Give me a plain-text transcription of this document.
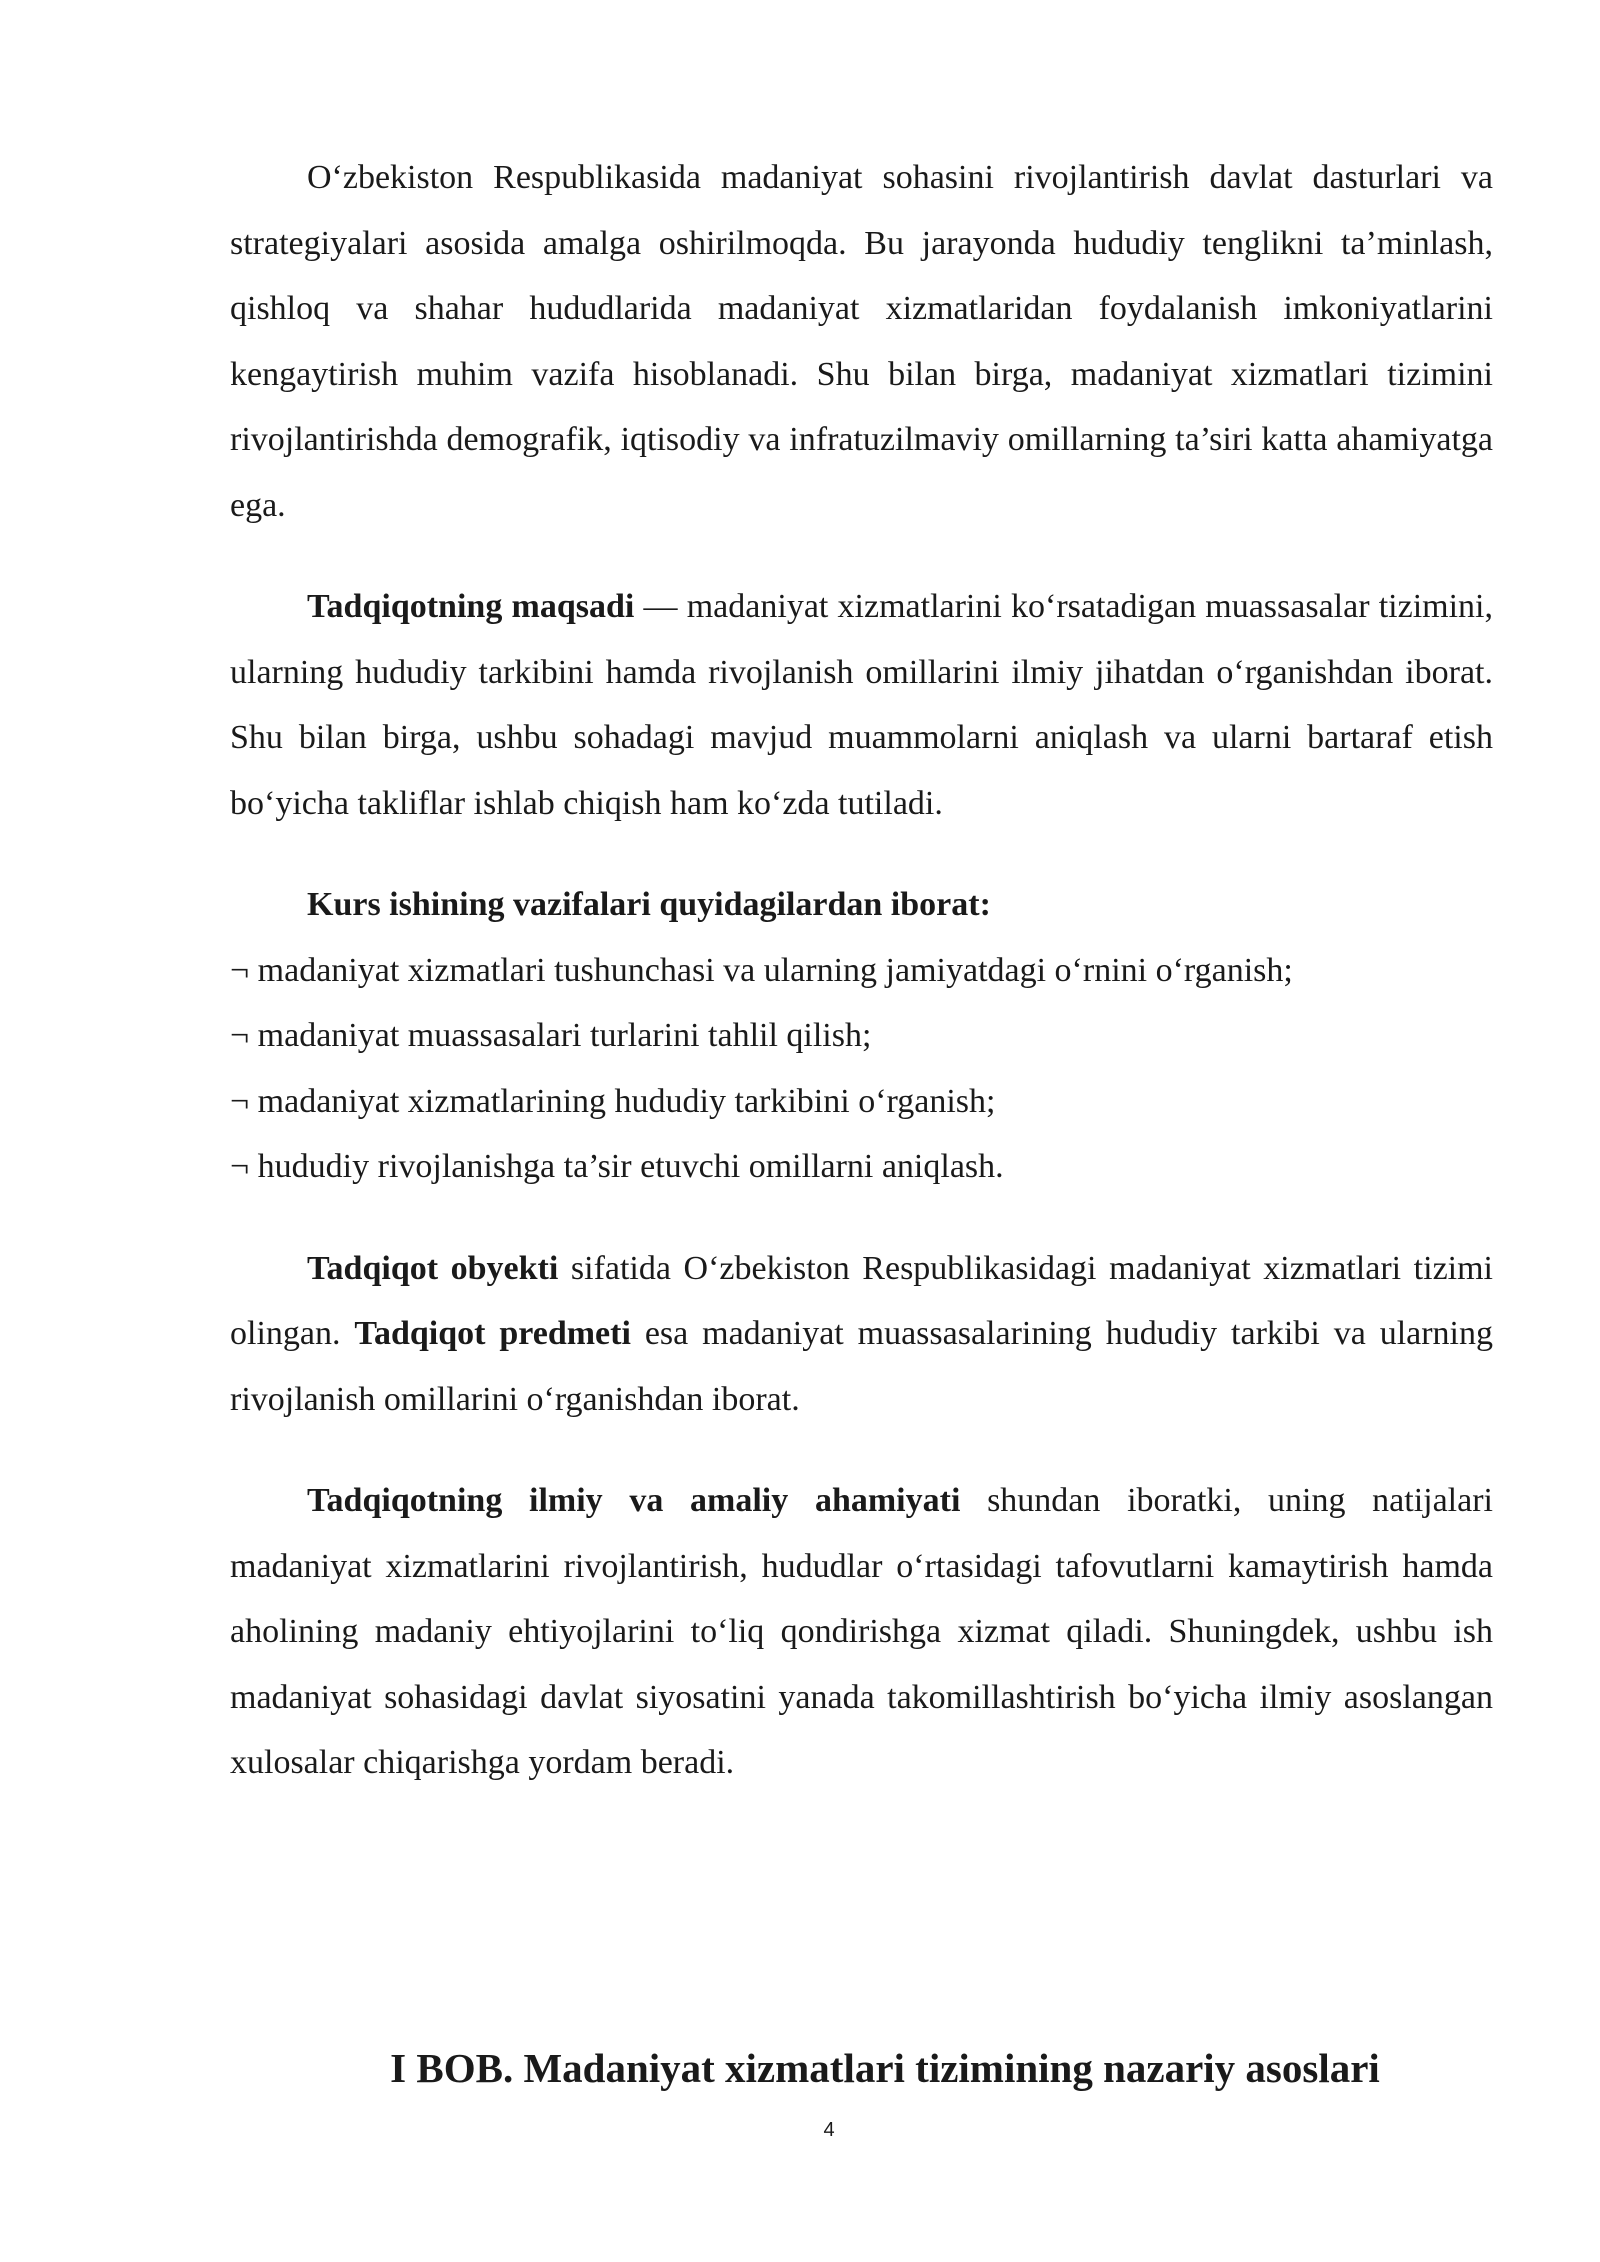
O‘zbekiston Respublikasida madaniyat sohasini rivojlantirish davlat dasturlari va strategiyalari asosida amalga oshirilmoqda. Bu jarayonda hududiy tenglikni ta’minlash, qishloq va shahar hududlarida madaniyat xizmatlaridan foydalanish imkoniyatlarini kengaytirish muhim vazifa hisoblanadi. Shu bilan birga, madaniyat xizmatlari tizimini rivojlantirishda demografik, iqtisodiy va infratuzilmaviy omillarning ta’siri katta ahamiyatga ega.

Tadqiqotning maqsadi — madaniyat xizmatlarini ko‘rsatadigan muassasalar tizimini, ularning hududiy tarkibini hamda rivojlanish omillarini ilmiy jihatdan o‘rganishdan iborat. Shu bilan birga, ushbu sohadagi mavjud muammolarni aniqlash va ularni bartaraf etish bo‘yicha takliflar ishlab chiqish ham ko‘zda tutiladi.

Kurs ishining vazifalari quyidagilardan iborat:

¬ madaniyat xizmatlari tushunchasi va ularning jamiyatdagi o‘rnini o‘rganish;
¬ madaniyat muassasalari turlarini tahlil qilish;
¬ madaniyat xizmatlarining hududiy tarkibini o‘rganish;
¬ hududiy rivojlanishga ta’sir etuvchi omillarni aniqlash.

Tadqiqot obyekti sifatida O‘zbekiston Respublikasidagi madaniyat xizmatlari tizimi olingan. Tadqiqot predmeti esa madaniyat muassasalarining hududiy tarkibi va ularning rivojlanish omillarini o‘rganishdan iborat.

Tadqiqotning ilmiy va amaliy ahamiyati shundan iboratki, uning natijalari madaniyat xizmatlarini rivojlantirish, hududlar o‘rtasidagi tafovutlarni kamaytirish hamda aholining madaniy ehtiyojlarini to‘liq qondirishga xizmat qiladi. Shuningdek, ushbu ish madaniyat sohasidagi davlat siyosatini yanada takomillashtirish bo‘yicha ilmiy asoslangan xulosalar chiqarishga yordam beradi.

I BOB. Madaniyat xizmatlari tizimining nazariy asoslari
4
